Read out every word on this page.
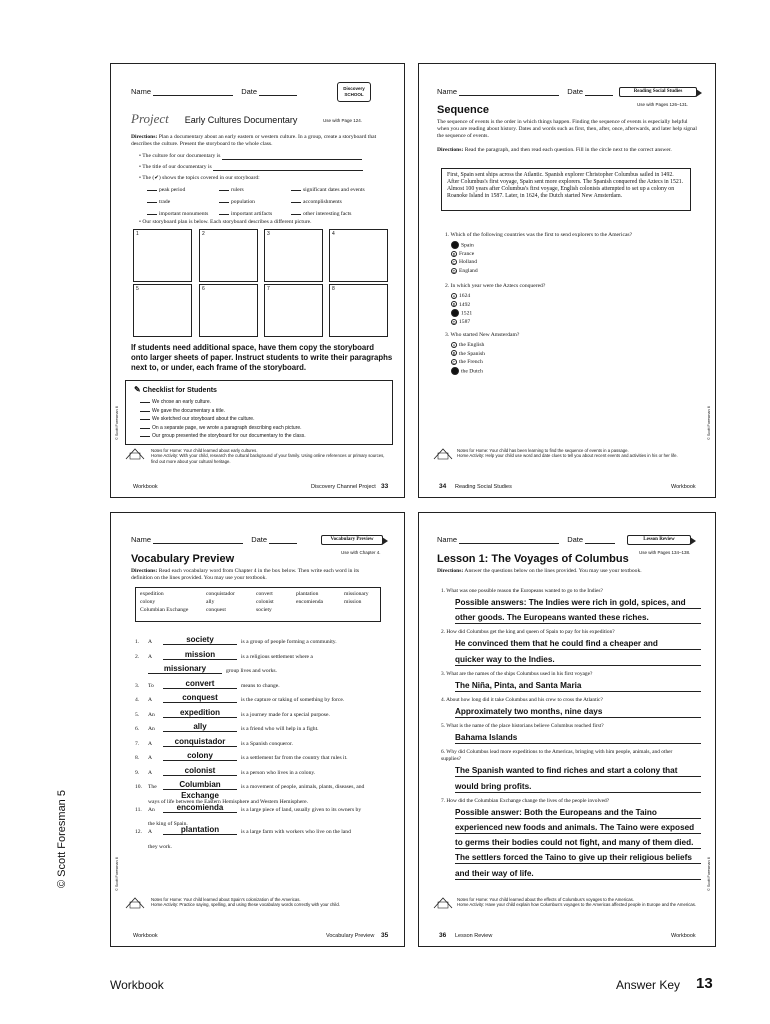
Name	Date	Discovery SCHOOL
Project Early Cultures Documentary	Use with Page 124.
Directions: Plan a documentary about an early eastern or western culture. In a group, create a storyboard that describes the culture. Present the storyboard to the whole class.
• The culture for our documentary is
• The title of our documentary is
• The (✔) shows the topics covered in our storyboard:
peak period	rulers	significant dates and events
trade	population	accomplishments
important monuments	important artifacts	other interesting facts
• Our storyboard plan is below. Each storyboard describes a different picture.
1	2	3	4
5	6	7	8
If students need additional space, have them copy the storyboard onto larger sheets of paper. Instruct students to write their paragraphs next to, or under, each frame of the storyboard.
✎ Checklist for Students
We chose an early culture.
We gave the documentary a title.
We sketched our storyboard about the culture.
On a separate page, we wrote a paragraph describing each picture.
Our group presented the storyboard for our documentary to the class.
Notes for Home: Your child learned about early cultures.
Home Activity: With your child, research the cultural background of your family. Using online references or primary sources, find out more about your cultural heritage.
© Scott Foresman 6
Workbook	Discovery Channel Project 33
Name	Date	Reading Social Studies
Use with Pages 126–131.
Sequence
The sequence of events is the order in which things happen. Finding the sequence of events is especially helpful when you are reading about history. Dates and words such as first, then, after, once, afterwards, and later help signal the sequence of events.
Directions: Read the paragraph, and then read each question. Fill in the circle next to the correct answer.
First, Spain sent ships across the Atlantic. Spanish explorer Christopher Columbus sailed in 1492. After Columbus's first voyage, Spain sent more explorers. The Spanish conquered the Aztecs in 1521. Almost 100 years after Columbus's first voyage, English colonists attempted to set up a colony on Roanoke Island in 1587. Later, in 1624, the Dutch started New Amsterdam.
1. Which of the following countries was the first to send explorers to the Americas?
Spain
B France
C Holland
D England
2. In which year were the Aztecs conquered?
A 1624
B 1492
1521
D 1587
3. Who started New Amsterdam?
A the English
B the Spanish
C the French
the Dutch
Notes for Home: Your child has been learning to find the sequence of events in a passage.
Home Activity: Help your child use word and date clues to tell you about recent events and activities in his or her life.
© Scott Foresman 6
34 Reading Social Studies	Workbook
Name	Date	Vocabulary Preview
Use with Chapter 4.
Vocabulary Preview
Directions: Read each vocabulary word from Chapter 4 in the box below. Then write each word in its definition on the lines provided. You may use your textbook.
expedition	conquistador	convert	plantation	missionary
colony	ally	colonist	encomienda	mission
Columbian Exchange	conquest	society
1.	A	society	is a group of people forming a community.
2.	A	mission	is a religious settlement where a
missionary	group lives and works.
3.	To	convert	means to change.
4.	A	conquest	is the capture or taking of something by force.
5.	An	expedition	is a journey made for a special purpose.
6.	An	ally	is a friend who will help in a fight.
7.	A	conquistador	is a Spanish conqueror.
8.	A	colony	is a settlement far from the country that rules it.
9.	A	colonist	is a person who lives in a colony.
10.	The	Columbian Exchange
is a movement of people, animals, plants, diseases, and
ways of life between the Eastern Hemisphere and Western Hemisphere.
11.	An	encomienda	is a large piece of land, usually given to its owners by
the king of Spain.
12.	A	plantation	is a large farm with workers who live on the land
they work.
Notes for Home: Your child learned about Spain's colonization of the Americas.
Home Activity: Practice saying, spelling, and using these vocabulary words correctly with your child.
© Scott Foresman 6
Workbook	Vocabulary Preview 35
Name	Date	Lesson Review
Use with Pages 134–138.
Lesson 1: The Voyages of Columbus
Directions: Answer the questions below on the lines provided. You may use your textbook.
1. What was one possible reason the Europeans wanted to go to the Indies?
Possible answers: The Indies were rich in gold, spices, and
other goods. The Europeans wanted these riches.
2. How did Columbus get the king and queen of Spain to pay for his expedition?
He convinced them that he could find a cheaper and
quicker way to the Indies.
3. What are the names of the ships Columbus used in his first voyage?
The Niña, Pinta, and Santa Maria
4. About how long did it take Columbus and his crew to cross the Atlantic?
Approximately two months, nine days
5. What is the name of the place historians believe Columbus reached first?
Bahama Islands
6. Why did Columbus lead more expeditions to the Americas, bringing with him people, animals, and other supplies?
The Spanish wanted to find riches and start a colony that
would bring profits.
7. How did the Columbian Exchange change the lives of the people involved?
Possible answer: Both the Europeans and the Taino
experienced new foods and animals. The Taino were exposed
to germs their bodies could not fight, and many of them died.
The settlers forced the Taino to give up their religious beliefs
and their way of life.
Notes for Home: Your child learned about the effects of Columbus's voyages to the Americas.
Home Activity: Have your child explain how Columbus's voyages to the Americas affected people in Europe and the Americas.
© Scott Foresman 6
36 Lesson Review	Workbook
© Scott Foresman 5
Workbook	Answer Key 13
